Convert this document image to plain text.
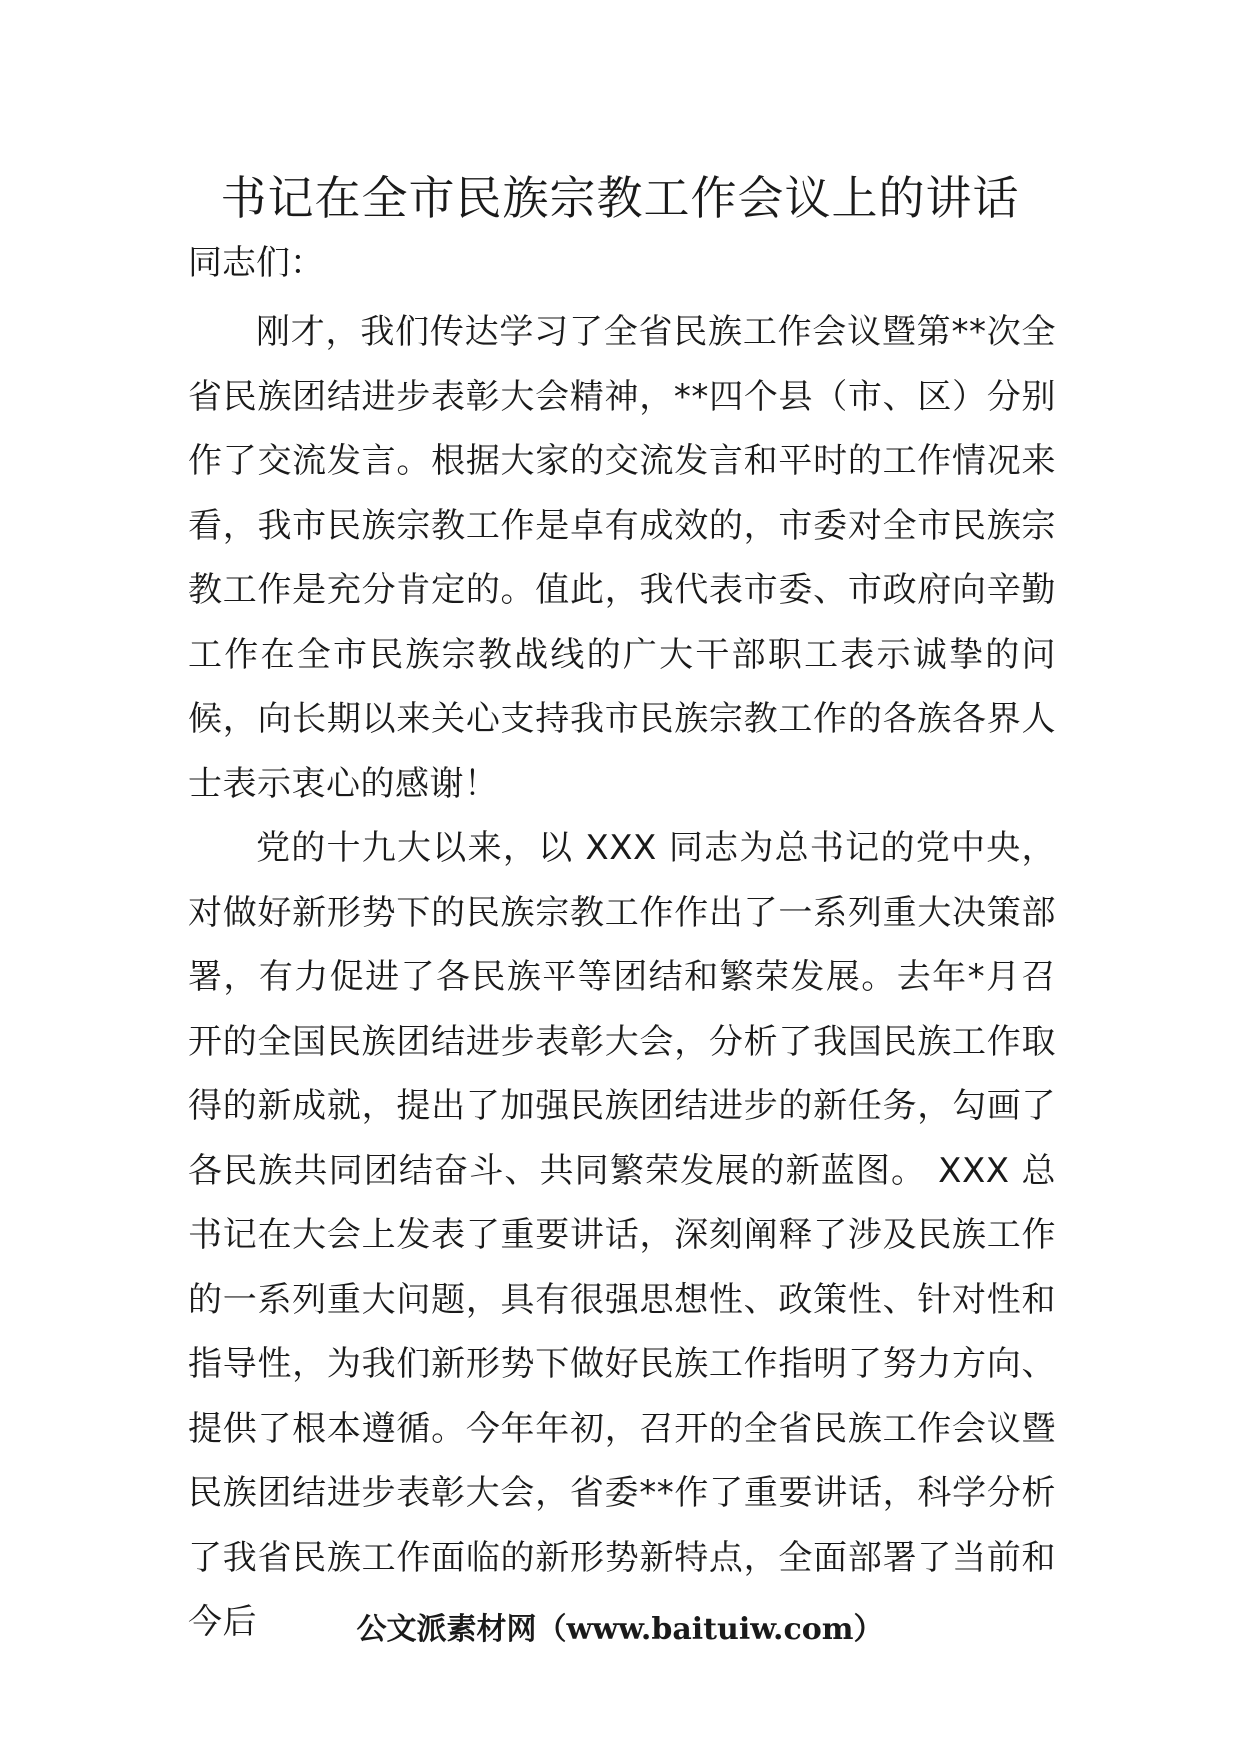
书记在全市民族宗教工作会议上的讲话

同志们：

刚才，我们传达学习了全省民族工作会议暨第**次全省民族团结进步表彰大会精神，**四个县（市、区）分别作了交流发言。根据大家的交流发言和平时的工作情况来看，我市民族宗教工作是卓有成效的，市委对全市民族宗教工作是充分肯定的。值此，我代表市委、市政府向辛勤工作在全市民族宗教战线的广大干部职工表示诚挚的问候，向长期以来关心支持我市民族宗教工作的各族各界人士表示衷心的感谢！

党的十九大以来，以 XXX 同志为总书记的党中央，对做好新形势下的民族宗教工作作出了一系列重大决策部署，有力促进了各民族平等团结和繁荣发展。去年*月召开的全国民族团结进步表彰大会，分析了我国民族工作取得的新成就，提出了加强民族团结进步的新任务，勾画了各民族共同团结奋斗、共同繁荣发展的新蓝图。 XXX 总书记在大会上发表了重要讲话，深刻阐释了涉及民族工作的一系列重大问题，具有很强思想性、政策性、针对性和指导性，为我们新形势下做好民族工作指明了努力方向、提供了根本遵循。今年年初，召开的全省民族工作会议暨民族团结进步表彰大会，省委**作了重要讲话，科学分析了我省民族工作面临的新形势新特点，全面部署了当前和今后	公文派素材网（www.baituiw.com）
